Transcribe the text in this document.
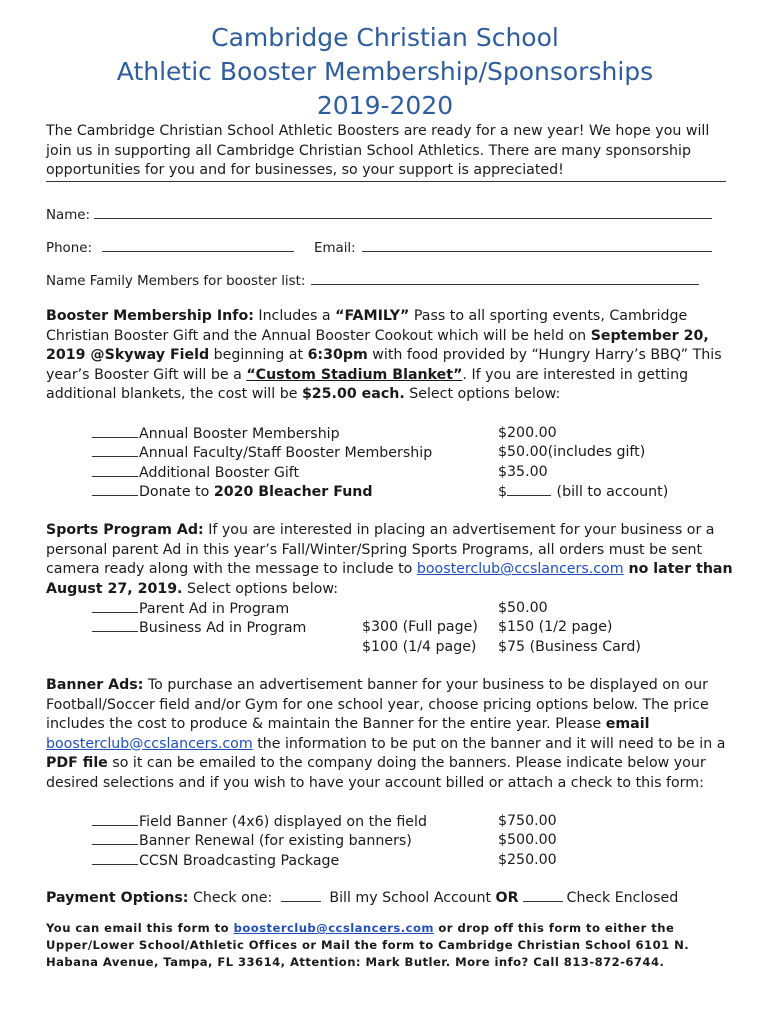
Cambridge Christian School
Athletic Booster Membership/Sponsorships
2019-2020
The Cambridge Christian School Athletic Boosters are ready for a new year! We hope you will join us in supporting all Cambridge Christian School Athletics. There are many sponsorship opportunities for you and for businesses, so your support is appreciated!
Name:
Phone:	Email:
Name Family Members for booster list:
Booster Membership Info: Includes a “FAMILY” Pass to all sporting events, Cambridge Christian Booster Gift and the Annual Booster Cookout which will be held on September 20, 2019 @Skyway Field beginning at 6:30pm with food provided by “Hungry Harry’s BBQ” This year’s Booster Gift will be a “Custom Stadium Blanket”. If you are interested in getting additional blankets, the cost will be $25.00 each. Select options below:
Annual Booster Membership	$200.00
Annual Faculty/Staff Booster Membership	$50.00(includes gift)
Additional Booster Gift	$35.00
Donate to 2020 Bleacher Fund	$	(bill to account)
Sports Program Ad: If you are interested in placing an advertisement for your business or a personal parent Ad in this year’s Fall/Winter/Spring Sports Programs, all orders must be sent camera ready along with the message to include to boosterclub@ccslancers.com no later than August 27, 2019. Select options below:
Parent Ad in Program	$50.00
Business Ad in Program	$300 (Full page) $150 (1/2 page)
$100 (1/4 page) $75 (Business Card)
Banner Ads: To purchase an advertisement banner for your business to be displayed on our Football/Soccer field and/or Gym for one school year, choose pricing options below. The price includes the cost to produce & maintain the Banner for the entire year. Please email boosterclub@ccslancers.com the information to be put on the banner and it will need to be in a PDF file so it can be emailed to the company doing the banners. Please indicate below your desired selections and if you wish to have your account billed or attach a check to this form:
Field Banner (4x6) displayed on the field	$750.00
Banner Renewal (for existing banners)	$500.00
CCSN Broadcasting Package	$250.00
Payment Options: Check one:	Bill my School Account OR	Check Enclosed
You can email this form to boosterclub@ccslancers.com or drop off this form to either the Upper/Lower School/Athletic Offices or Mail the form to Cambridge Christian School 6101 N. Habana Avenue, Tampa, FL 33614, Attention: Mark Butler. More info? Call 813-872-6744.
